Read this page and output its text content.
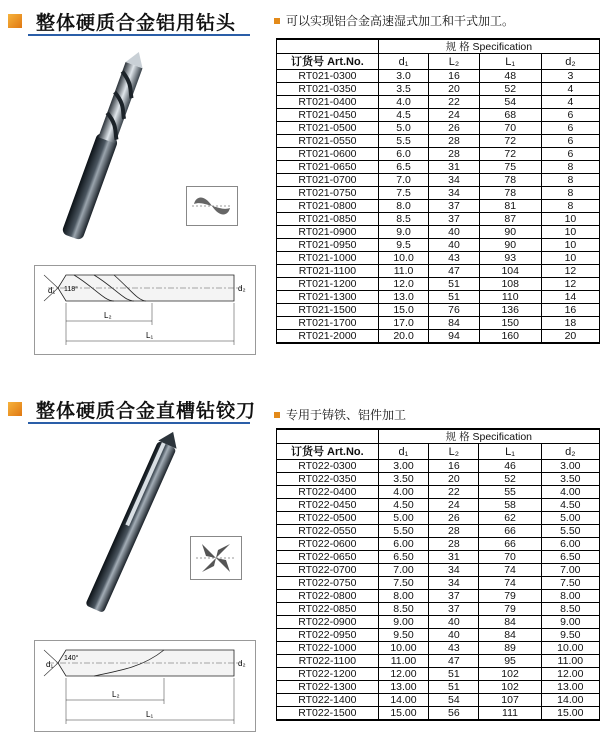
整体硬质合金铝用钻头	可以实现铝合金高速湿式加工和干式加工。
d₁ 118°	d₂
L₂
L₁
	规 格 Specification			
订货号 Art.No.	d₁	L₂	L₁	d₂
RT021-0300	3.0	16	48	3
RT021-0350	3.5	20	52	4
RT021-0400	4.0	22	54	4
RT021-0450	4.5	24	68	6
RT021-0500	5.0	26	70	6
RT021-0550	5.5	28	72	6
RT021-0600	6.0	28	72	6
RT021-0650	6.5	31	75	8
RT021-0700	7.0	34	78	8
RT021-0750	7.5	34	78	8
RT021-0800	8.0	37	81	8
RT021-0850	8.5	37	87	10
RT021-0900	9.0	40	90	10
RT021-0950	9.5	40	90	10
RT021-1000	10.0	43	93	10
RT021-1100	11.0	47	104	12
RT021-1200	12.0	51	108	12
RT021-1300	13.0	51	110	14
RT021-1500	15.0	76	136	16
RT021-1700	17.0	84	150	18
RT021-2000	20.0	94	160	20
整体硬质合金直槽钻铰刀 专用于铸铁、铝件加工
d₁
140°
d₂
L₂
L₁
	规 格 Specification			
订货号 Art.No.	d₁	L₂	L₁	d₂
RT022-0300	3.00	16	46	3.00
RT022-0350	3.50	20	52	3.50
RT022-0400	4.00	22	55	4.00
RT022-0450	4.50	24	58	4.50
RT022-0500	5.00	26	62	5.00
RT022-0550	5.50	28	66	5.50
RT022-0600	6.00	28	66	6.00
RT022-0650	6.50	31	70	6.50
RT022-0700	7.00	34	74	7.00
RT022-0750	7.50	34	74	7.50
RT022-0800	8.00	37	79	8.00
RT022-0850	8.50	37	79	8.50
RT022-0900	9.00	40	84	9.00
RT022-0950	9.50	40	84	9.50
RT022-1000	10.00	43	89	10.00
RT022-1100	11.00	47	95	11.00
RT022-1200	12.00	51	102	12.00
RT022-1300	13.00	51	102	13.00
RT022-1400	14.00	54	107	14.00
RT022-1500	15.00	56	111	15.00
